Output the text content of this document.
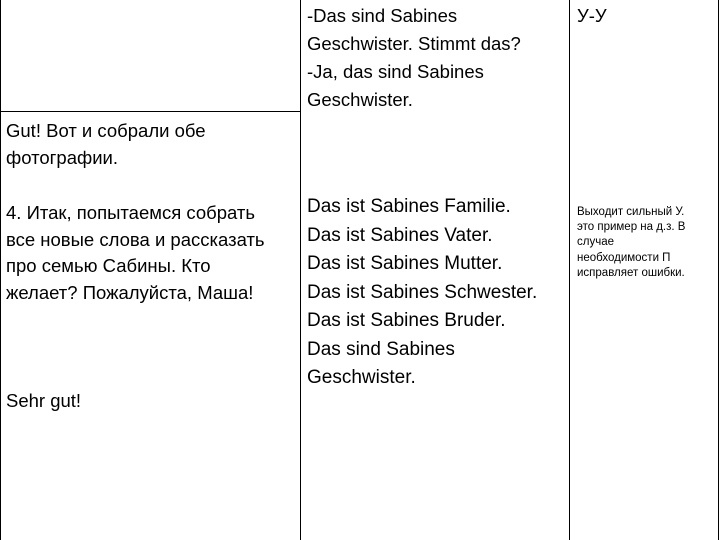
-Das sind Sabines
Geschwister. Stimmt das?
-Ja, das sind Sabines
Geschwister.
У-У
Gut! Вот и собрали обе
фотографии.
4. Итак, попытаемся собрать
все новые слова и рассказать
про семью Сабины. Кто
желает? Пожалуйста, Маша!
Sehr gut!
Das ist Sabines Familie.
Das ist Sabines Vater.
Das ist Sabines Mutter.
Das ist Sabines Schwester.
Das ist Sabines Bruder.
Das sind Sabines
Geschwister.
Выходит сильный У.
это пример на д.з. В
случае
необходимости П
исправляет ошибки.
